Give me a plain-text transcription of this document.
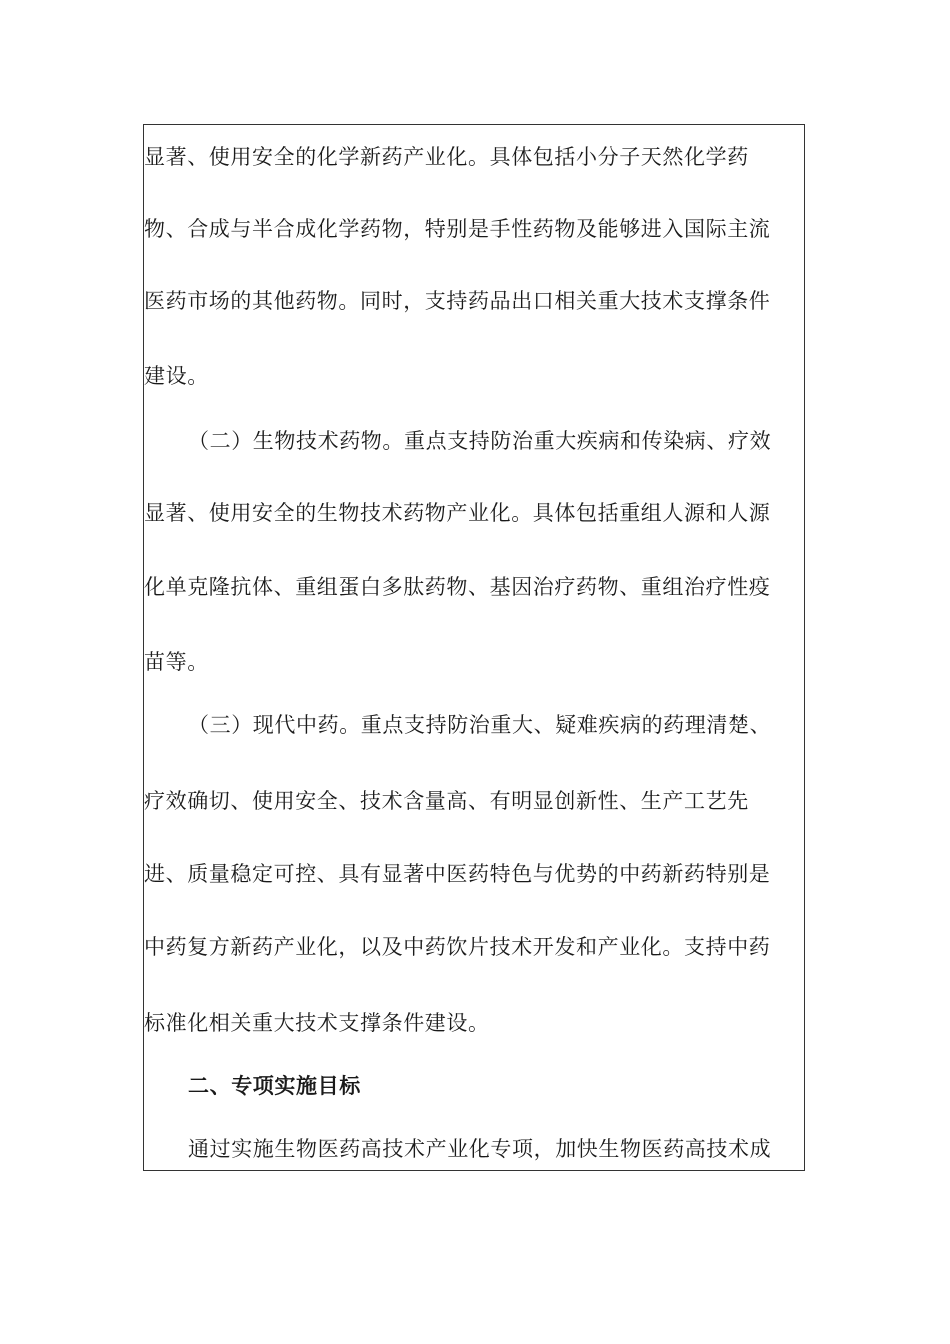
显著、使用安全的化学新药产业化。具体包括小分子天然化学药
物、合成与半合成化学药物，特别是手性药物及能够进入国际主流
医药市场的其他药物。同时，支持药品出口相关重大技术支撑条件
建设。
（二）生物技术药物。重点支持防治重大疾病和传染病、疗效
显著、使用安全的生物技术药物产业化。具体包括重组人源和人源
化单克隆抗体、重组蛋白多肽药物、基因治疗药物、重组治疗性疫
苗等。
（三）现代中药。重点支持防治重大、疑难疾病的药理清楚、
疗效确切、使用安全、技术含量高、有明显创新性、生产工艺先
进、质量稳定可控、具有显著中医药特色与优势的中药新药特别是
中药复方新药产业化，以及中药饮片技术开发和产业化。支持中药
标准化相关重大技术支撑条件建设。
二、专项实施目标
通过实施生物医药高技术产业化专项，加快生物医药高技术成
